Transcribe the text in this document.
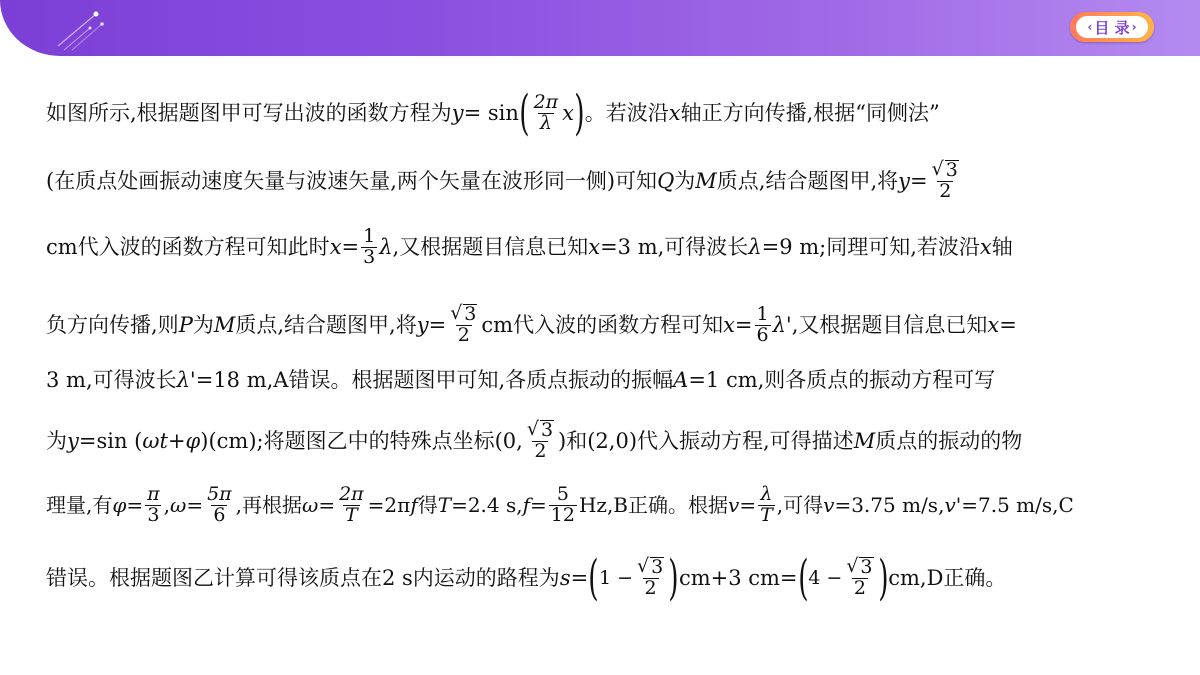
‹ 目 录 ›
如图所示,根据题图甲可写出波的函数方程为 y = sin ( $\frac{2\pi}{\lambda}$ x ) 。若波沿 x 轴正方向传播,根据“同侧法”
(在质点处画振动速度矢量与波速矢量,两个矢量在波形同一侧)可知 Q 为 M 质点,结合题图甲,将 $y = \frac{√ 3}{2}$
cm代入波的函数方程可知此时 $x = \frac{1}{3}$ λ ,又根据题目信息已知 x =3 m,可得波长 λ =9 m;同理可知,若波沿 x 轴
负方向传播,则 P 为 M 质点,结合题图甲,将 $y = \frac{√ 3}{2}$ cm代入波的函数方程可知 $x = \frac{1}{6} \lambda'$ ,又根据题目信息已知 x =
3 m,可得波长 λ' =18 m,A错误。根据题图甲可知,各质点振动的振幅 A =1 cm,则各质点的振动方程可写
为 y =sin ( ωt + φ )(cm);将题图乙中的特殊点坐标(0, $\frac{√ 3}{2}$ )和(2,0)代入振动方程,可得描述 M 质点的振动的物
理量,有 $\varphi = \frac{\pi}{3}$ , $\omega = \frac{5\pi}{6}$ ,再根据 $\omega = \frac{2\pi}{T} =2\pi$ f 得 T =2.4 s, $f = \frac{5}{12} Hz,B$正确。根据 $v = \frac{\lambda}{T}$ ,可得 v =3.75 m/s, v' =7.5 m/s,C
错误。根据题图乙计算可得该质点在2 s内运动的路程为 s = ( $1 - \frac{√ 3}{2}$ ) cm+3 cm= ( $4 - \frac{√ 3}{2}$ ) cm,D正确。
